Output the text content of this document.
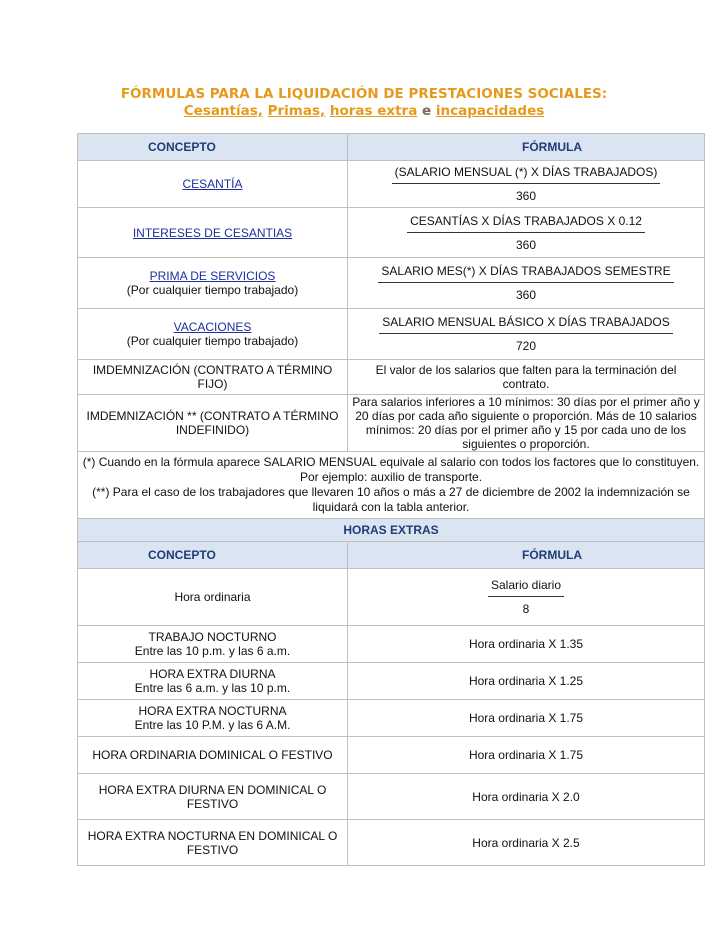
FÓRMULAS PARA LA LIQUIDACIÓN DE PRESTACIONES SOCIALES:
Cesantías, Primas, horas extra e incapacidades
CONCEPTO	FÓRMULA
CESANTÍA	$\frac{\text{(SALARIO MENSUAL (*) X DÍAS TRABAJADOS)}}{360}$

INTERESES DE CESANTIAS	$\frac{\text{CESANTÍAS X DÍAS TRABAJADOS X 0.12}}{360}$

PRIMA DE SERVICIOS
(Por cualquier tiempo trabajado)	$\frac{\text{SALARIO MES(*) X DÍAS TRABAJADOS SEMESTRE}}{360}$

VACACIONES
(Por cualquier tiempo trabajado)	$\frac{\text{SALARIO MENSUAL BÁSICO X DÍAS TRABAJADOS}}{720}$

IMDEMNIZACIÓN (CONTRATO A TÉRMINO FIJO)	El valor de los salarios que falten para la terminación del contrato.
IMDEMNIZACIÓN ** (CONTRATO A TÉRMINO INDEFINIDO)	Para salarios inferiores a 10 mínimos: 30 días por el primer año y 20 días por cada año siguiente o proporción. Más de 10 salarios mínimos: 20 días por el primer año y 15 por cada uno de los siguientes o proporción.

(*) Cuando en la fórmula aparece SALARIO MENSUAL equivale al salario con todos los factores que lo constituyen. Por ejemplo: auxilio de transporte.
(**) Para el caso de los trabajadores que llevaren 10 años o más a 27 de diciembre de 2002 la indemnización se liquidará con la tabla anterior.	

HORAS EXTRAS	
CONCEPTO	FÓRMULA
Hora ordinaria	$\frac{\text{Salario diario}}{8}$

TRABAJO NOCTURNO
Entre las 10 p.m. y las 6 a.m.	Hora ordinaria X 1.35
HORA EXTRA DIURNA
Entre las 6 a.m. y las 10 p.m.	Hora ordinaria X 1.25
HORA EXTRA NOCTURNA
Entre las 10 P.M. y las 6 A.M.	Hora ordinaria X 1.75
HORA ORDINARIA DOMINICAL O FESTIVO	Hora ordinaria X 1.75
HORA EXTRA DIURNA EN DOMINICAL O FESTIVO	Hora ordinaria X 2.0
HORA EXTRA NOCTURNA EN DOMINICAL O FESTIVO	Hora ordinaria X 2.5
